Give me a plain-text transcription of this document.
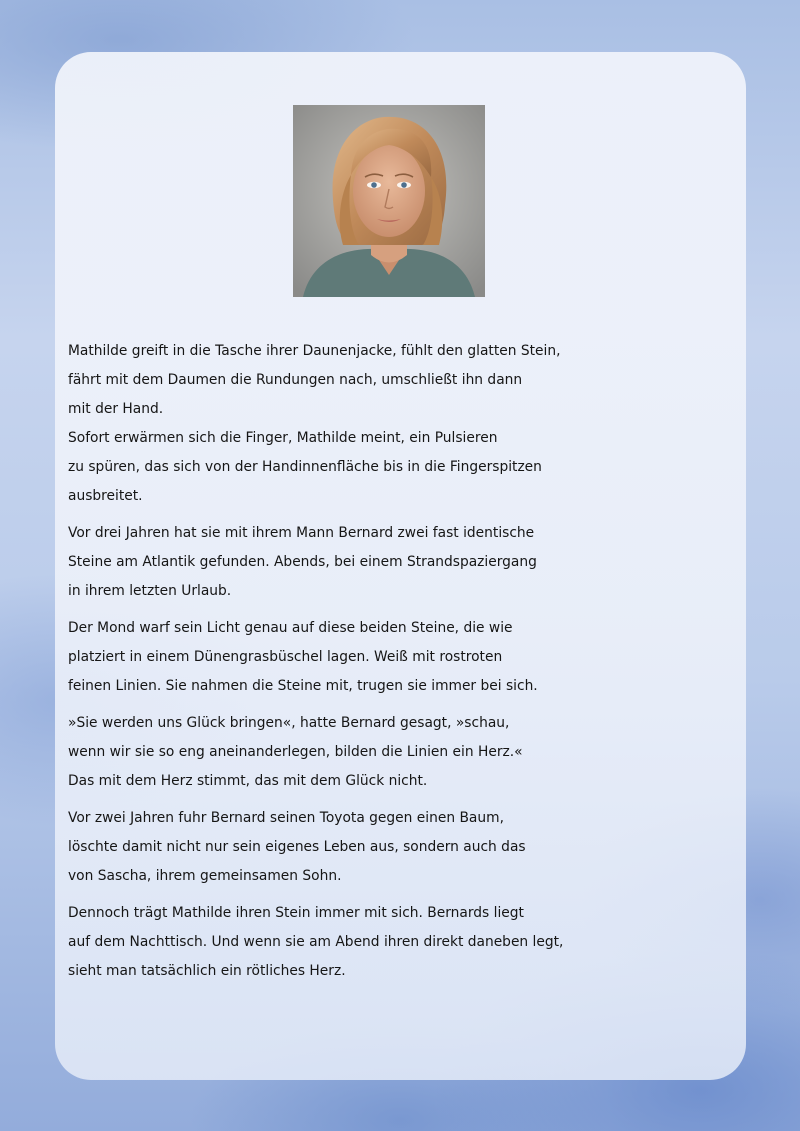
Mathilde greift in die Tasche ihrer Daunenjacke, fühlt den glatten Stein,
fährt mit dem Daumen die Rundungen nach, umschließt ihn dann
mit der Hand.
Sofort erwärmen sich die Finger, Mathilde meint, ein Pulsieren
zu spüren, das sich von der Handinnenfläche bis in die Fingerspitzen
ausbreitet.

Vor drei Jahren hat sie mit ihrem Mann Bernard zwei fast identische
Steine am Atlantik gefunden. Abends, bei einem Strandspaziergang
in ihrem letzten Urlaub.

Der Mond warf sein Licht genau auf diese beiden Steine, die wie
platziert in einem Dünengrasbüschel lagen. Weiß mit rostroten
feinen Linien. Sie nahmen die Steine mit, trugen sie immer bei sich.

»Sie werden uns Glück bringen«, hatte Bernard gesagt, »schau,
wenn wir sie so eng aneinanderlegen, bilden die Linien ein Herz.«
Das mit dem Herz stimmt, das mit dem Glück nicht.

Vor zwei Jahren fuhr Bernard seinen Toyota gegen einen Baum,
löschte damit nicht nur sein eigenes Leben aus, sondern auch das
von Sascha, ihrem gemeinsamen Sohn.

Dennoch trägt Mathilde ihren Stein immer mit sich. Bernards liegt
auf dem Nachttisch. Und wenn sie am Abend ihren direkt daneben legt,
sieht man tatsächlich ein rötliches Herz.
